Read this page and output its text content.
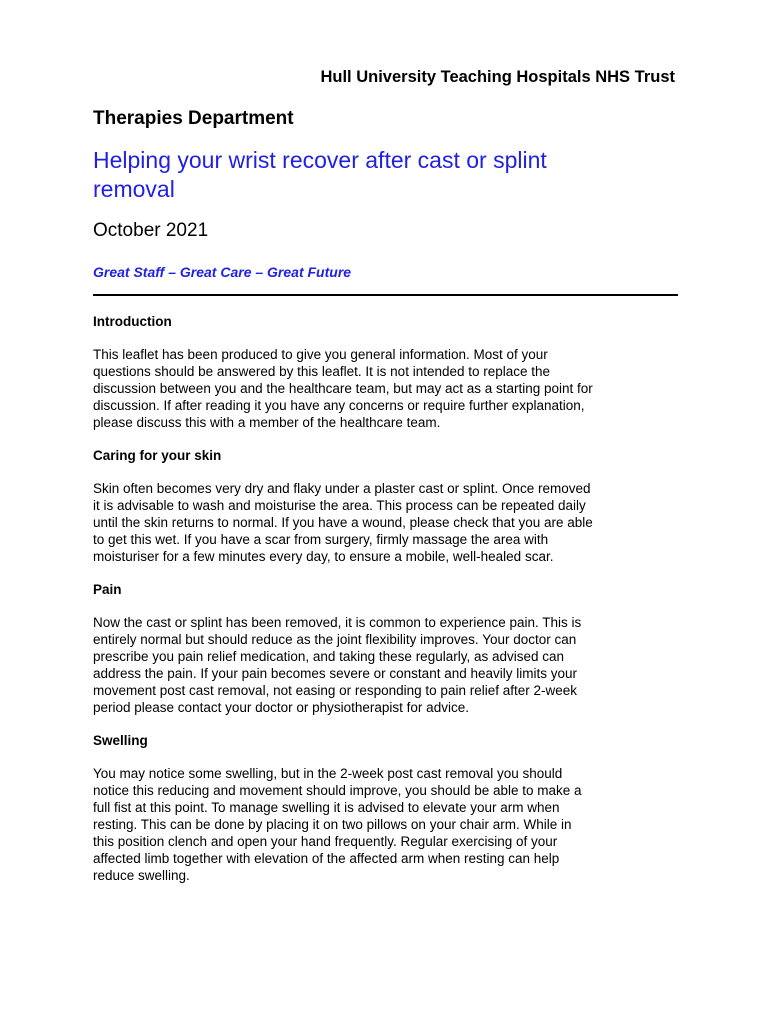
Hull University Teaching Hospitals NHS Trust
Therapies Department
Helping your wrist recover after cast or splint
removal
October 2021
Great Staff – Great Care – Great Future
Introduction
This leaflet has been produced to give you general information. Most of your
questions should be answered by this leaflet. It is not intended to replace the
discussion between you and the healthcare team, but may act as a starting point for
discussion. If after reading it you have any concerns or require further explanation,
please discuss this with a member of the healthcare team.
Caring for your skin
Skin often becomes very dry and flaky under a plaster cast or splint. Once removed
it is advisable to wash and moisturise the area. This process can be repeated daily
until the skin returns to normal. If you have a wound, please check that you are able
to get this wet. If you have a scar from surgery, firmly massage the area with
moisturiser for a few minutes every day, to ensure a mobile, well-healed scar.
Pain
Now the cast or splint has been removed, it is common to experience pain. This is
entirely normal but should reduce as the joint flexibility improves. Your doctor can
prescribe you pain relief medication, and taking these regularly, as advised can
address the pain. If your pain becomes severe or constant and heavily limits your
movement post cast removal, not easing or responding to pain relief after 2-week
period please contact your doctor or physiotherapist for advice.
Swelling
You may notice some swelling, but in the 2-week post cast removal you should
notice this reducing and movement should improve, you should be able to make a
full fist at this point. To manage swelling it is advised to elevate your arm when
resting. This can be done by placing it on two pillows on your chair arm. While in
this position clench and open your hand frequently. Regular exercising of your
affected limb together with elevation of the affected arm when resting can help
reduce swelling.
